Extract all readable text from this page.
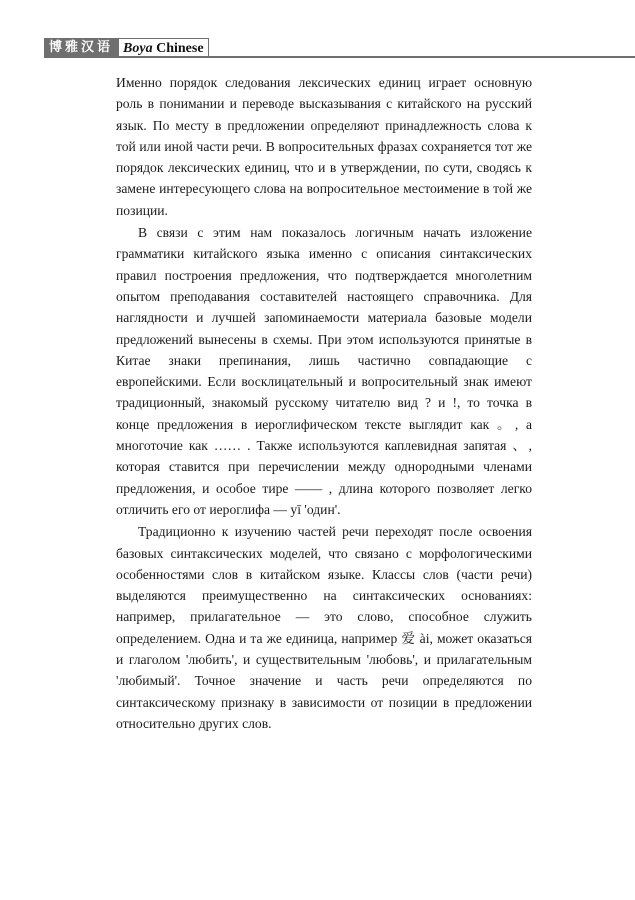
博雅汉语 Boya Chinese

Именно порядок следования лексических единиц играет основную роль в понимании и переводе высказывания с китайского на русский язык. По месту в предложении определяют принадлежность слова к той или иной части речи. В вопросительных фразах сохраняется тот же порядок лексических единиц, что и в утверждении, по сути, сводясь к замене интересующего слова на вопросительное местоимение в той же позиции.

В связи с этим нам показалось логичным начать изложение грамматики китайского языка именно с описания синтаксических правил построения предложения, что подтверждается многолетним опытом преподавания составителей настоящего справочника. Для наглядности и лучшей запоминаемости материала базовые модели предложений вынесены в схемы. При этом используются принятые в Китае знаки препинания, лишь частично совпадающие с европейскими. Если восклицательный и вопросительный знак имеют традиционный, знакомый русскому читателю вид ? и !, то точка в конце предложения в иероглифическом тексте выглядит как 。, а многоточие как …… . Также используются каплевидная запятая 、, которая ставится при перечислении между однородными членами предложения, и особое тире —— , длина которого позволяет легко отличить его от иероглифа — yī 'один'.

Традиционно к изучению частей речи переходят после освоения базовых синтаксических моделей, что связано с морфологическими особенностями слов в китайском языке. Классы слов (части речи) выделяются преимущественно на синтаксических основаниях: например, прилагательное — это слово, способное служить определением. Одна и та же единица, например 爱 ài, может оказаться и глаголом 'любить', и существительным 'любовь', и прилагательным 'любимый'. Точное значение и часть речи определяются по синтаксическому признаку в зависимости от позиции в предложении относительно других слов.
